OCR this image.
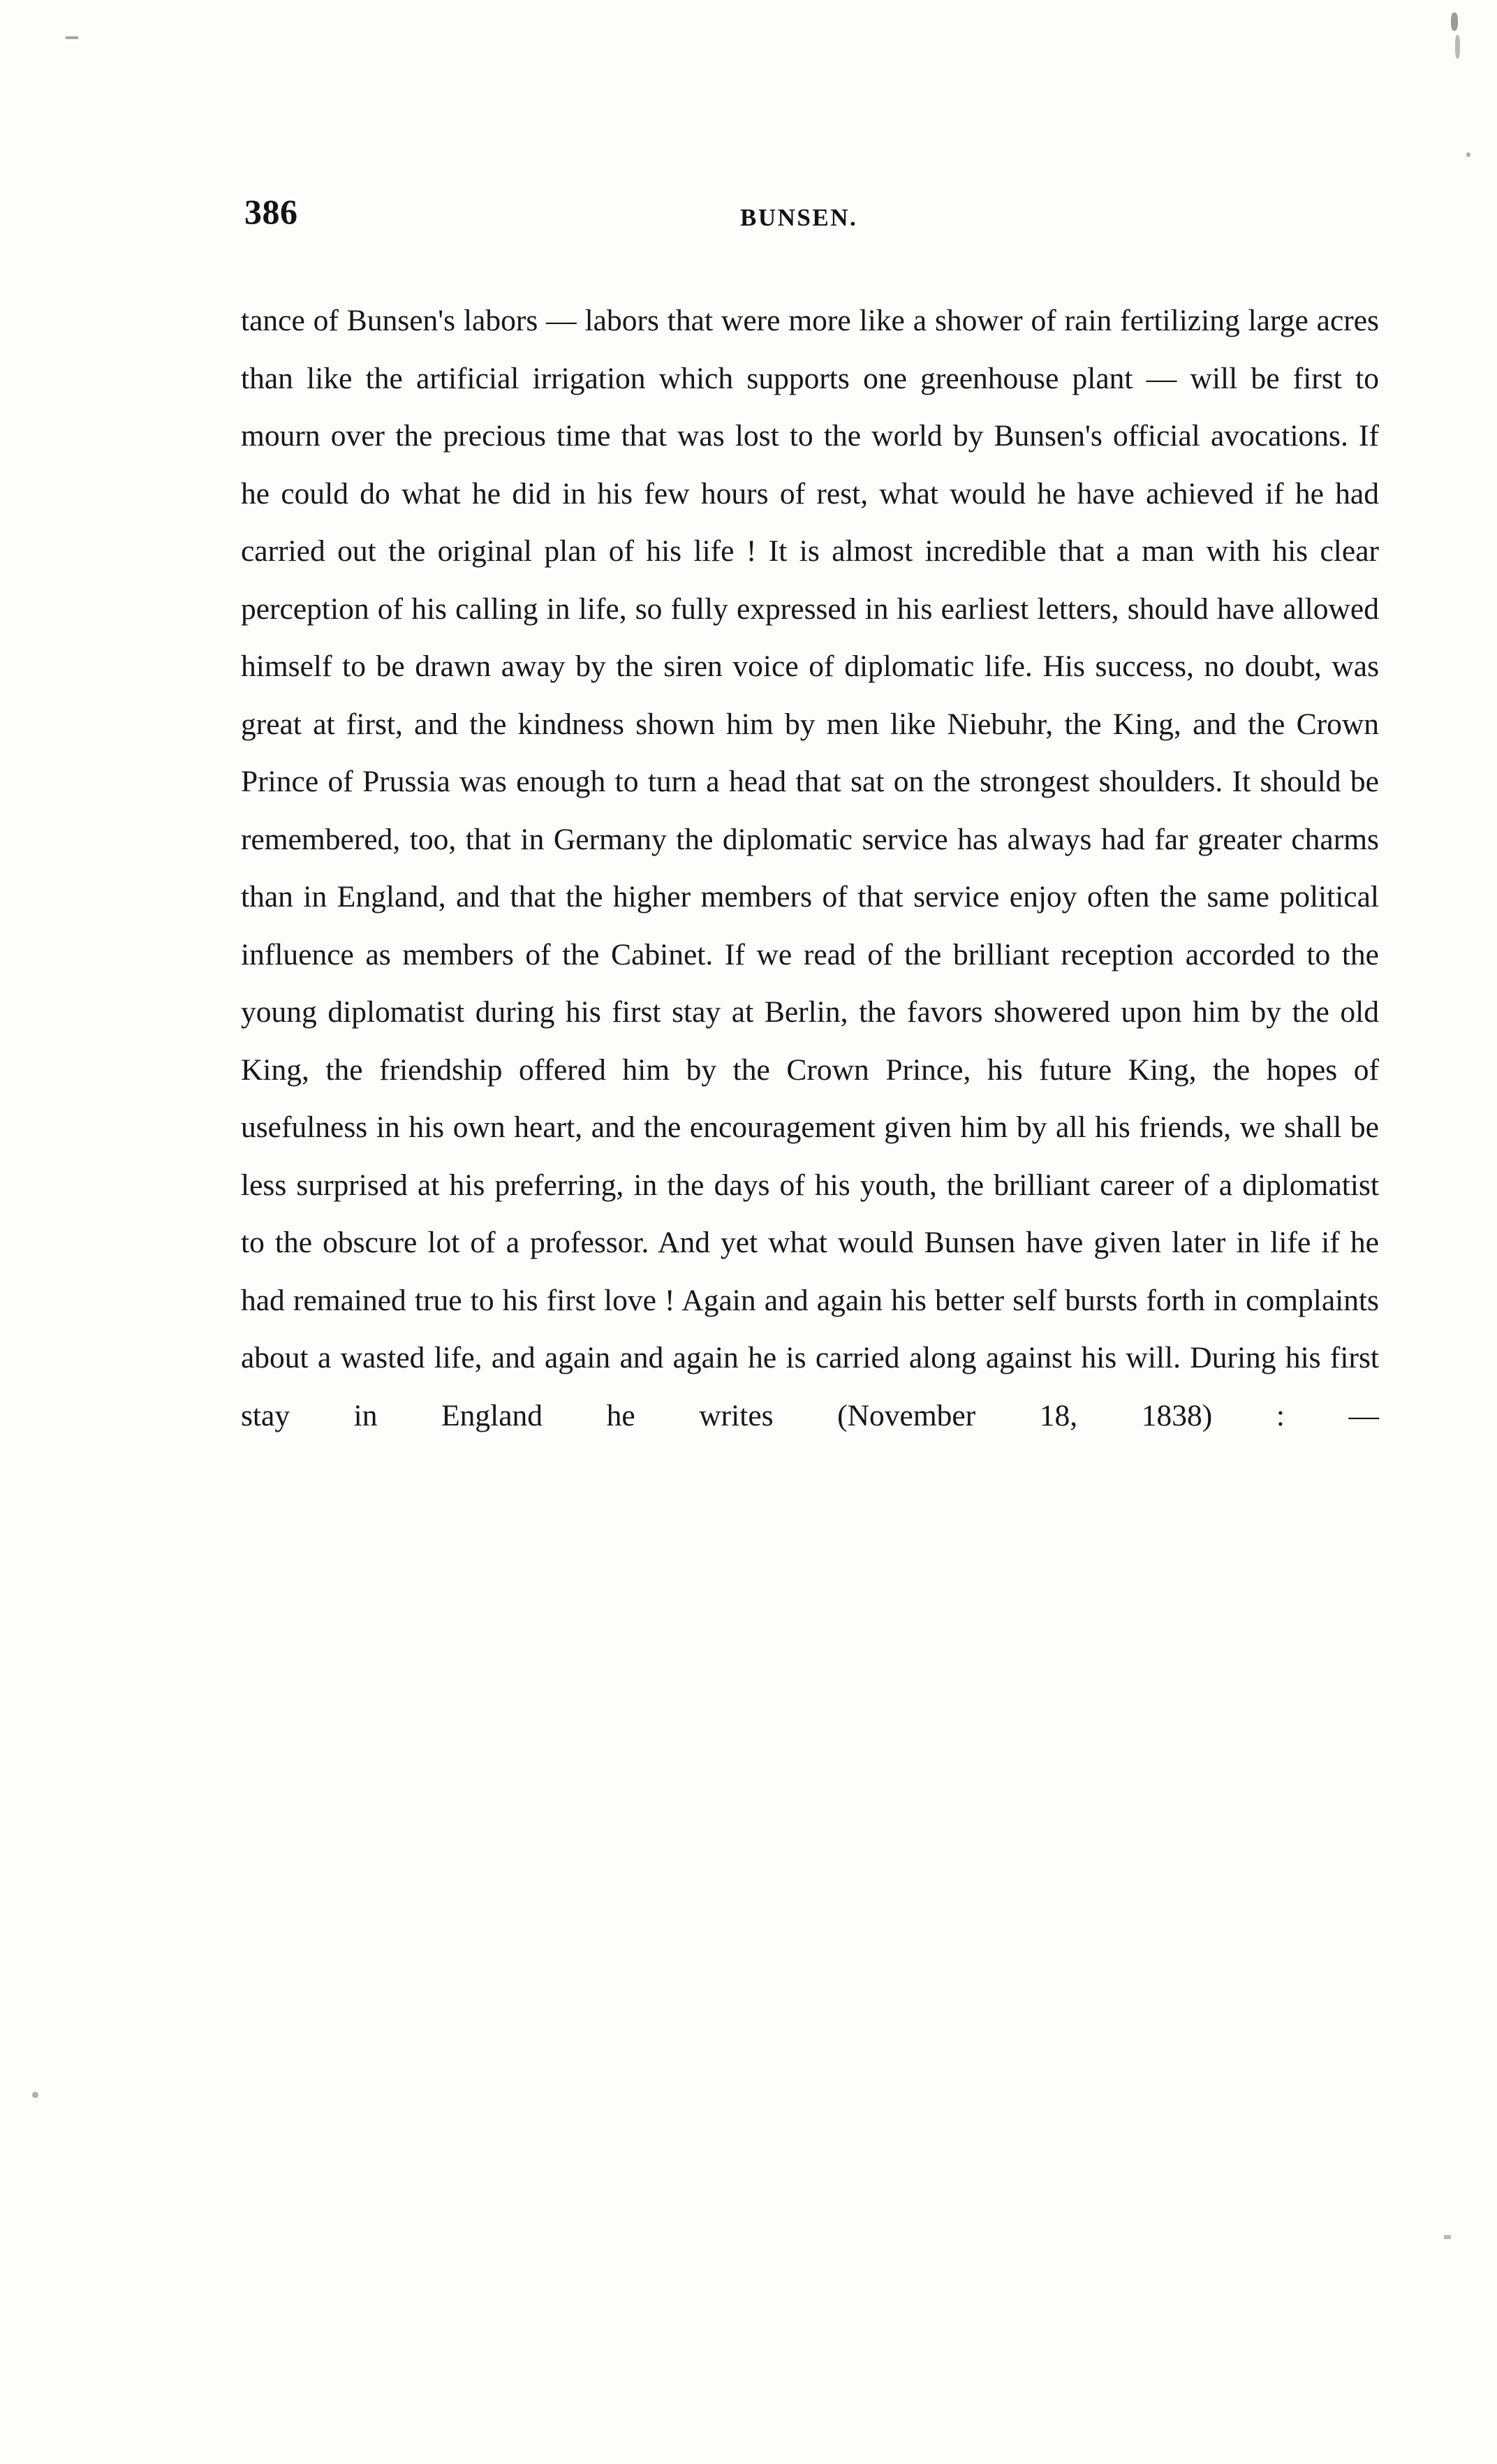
386	BUNSEN.

tance of Bunsen's labors — labors that were more like a shower of rain fertilizing large acres than like the artificial irrigation which supports one greenhouse plant — will be first to mourn over the precious time that was lost to the world by Bunsen's official avocations. If he could do what he did in his few hours of rest, what would he have achieved if he had carried out the original plan of his life ! It is almost incredible that a man with his clear perception of his calling in life, so fully expressed in his earliest letters, should have allowed himself to be drawn away by the siren voice of diplomatic life. His success, no doubt, was great at first, and the kindness shown him by men like Niebuhr, the King, and the Crown Prince of Prussia was enough to turn a head that sat on the strongest shoulders. It should be remembered, too, that in Germany the diplomatic service has always had far greater charms than in England, and that the higher members of that service enjoy often the same political influence as members of the Cabinet. If we read of the brilliant reception accorded to the young diplomatist during his first stay at Berlin, the favors showered upon him by the old King, the friendship offered him by the Crown Prince, his future King, the hopes of usefulness in his own heart, and the encouragement given him by all his friends, we shall be less surprised at his preferring, in the days of his youth, the brilliant career of a diplomatist to the obscure lot of a professor. And yet what would Bunsen have given later in life if he had remained true to his first love ! Again and again his better self bursts forth in complaints about a wasted life, and again and again he is carried along against his will. During his first stay in England he writes (November 18, 1838) : —
